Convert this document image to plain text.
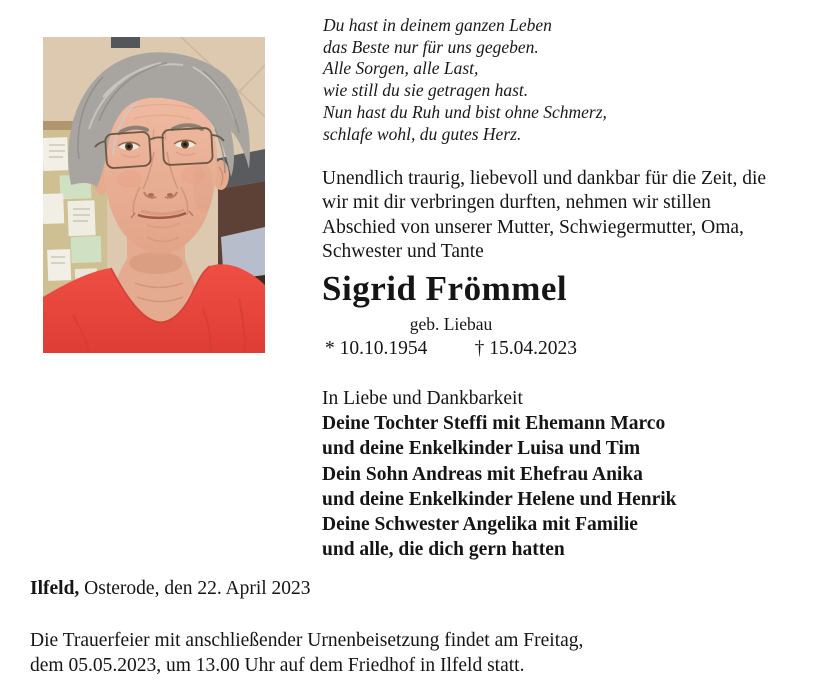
Du hast in deinem ganzen Leben
das Beste nur für uns gegeben.
Alle Sorgen, alle Last,
wie still du sie getragen hast.
Nun hast du Ruh und bist ohne Schmerz,
schlafe wohl, du gutes Herz.
Unendlich traurig, liebevoll und dankbar für die Zeit, die
wir mit dir verbringen durften, nehmen wir stillen
Abschied von unserer Mutter, Schwiegermutter, Oma,
Schwester und Tante
Sigrid Frömmel
geb. Liebau
* 10.10.1954 † 15.04.2023
In Liebe und Dankbarkeit
Deine Tochter Steffi mit Ehemann Marco
und deine Enkelkinder Luisa und Tim
Dein Sohn Andreas mit Ehefrau Anika
und deine Enkelkinder Helene und Henrik
Deine Schwester Angelika mit Familie
und alle, die dich gern hatten
Ilfeld, Osterode, den 22. April 2023
Die Trauerfeier mit anschließender Urnenbeisetzung findet am Freitag,
dem 05.05.2023, um 13.00 Uhr auf dem Friedhof in Ilfeld statt.
